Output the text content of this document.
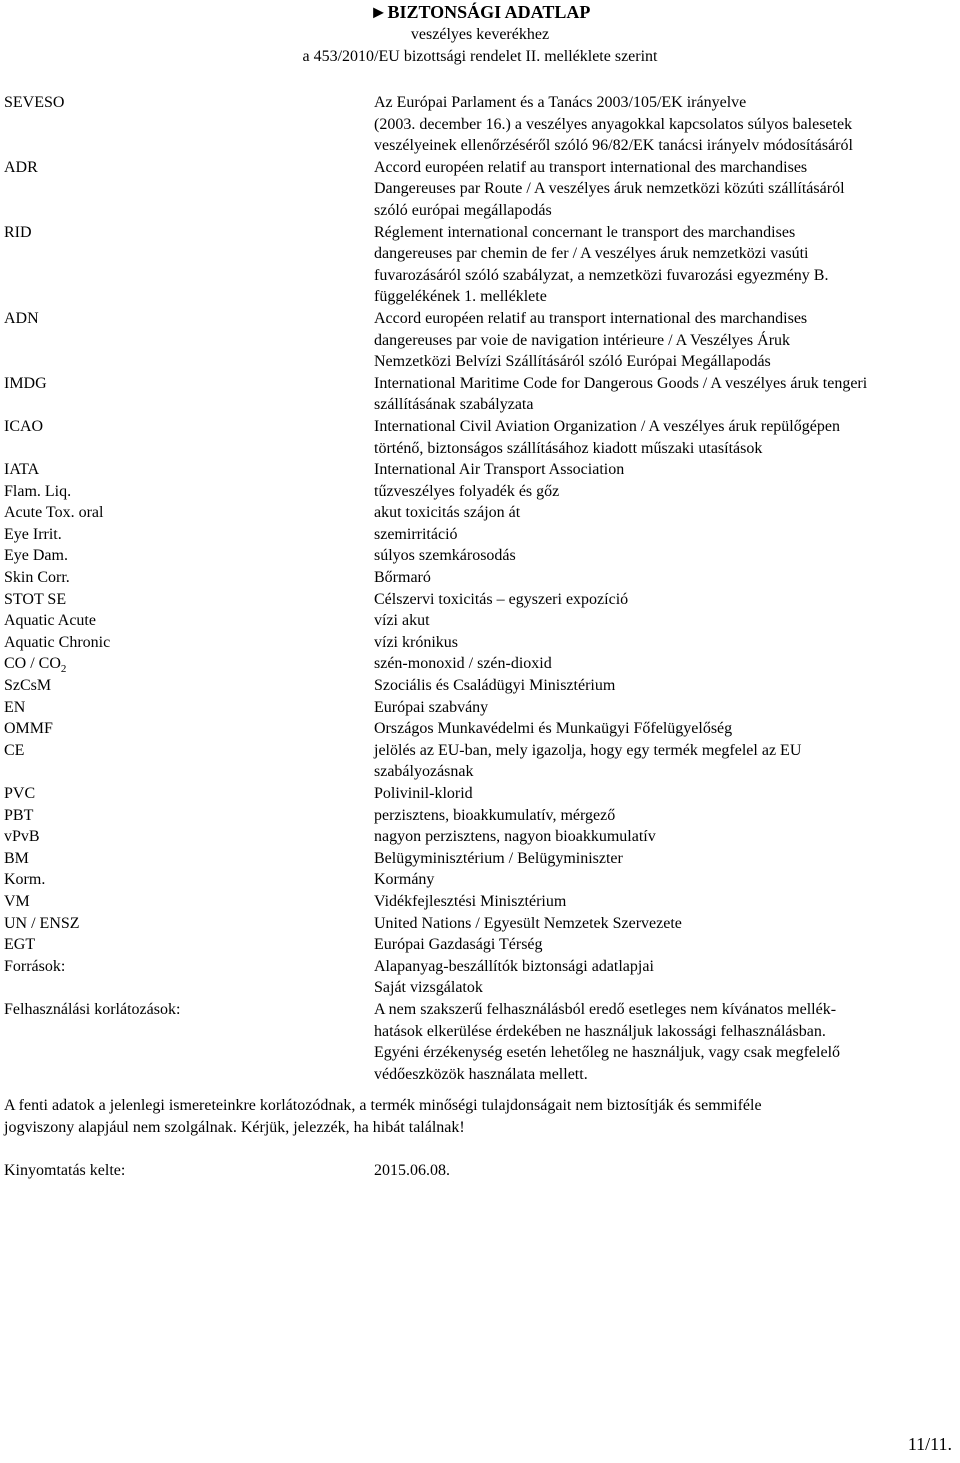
►BIZTONSÁGI ADATLAP
veszélyes keverékhez
a 453/2010/EU bizottsági rendelet II. melléklete szerint
SEVESO	Az Európai Parlament és a Tanács 2003/105/EK irányelve
(2003. december 16.) a veszélyes anyagokkal kapcsolatos súlyos balesetek
veszélyeinek ellenőrzéséről szóló 96/82/EK tanácsi irányelv módosításáról
ADR	Accord européen relatif au transport international des marchandises
Dangereuses par Route / A veszélyes áruk nemzetközi közúti szállításáról
szóló európai megállapodás
RID	Réglement international concernant le transport des marchandises
dangereuses par chemin de fer / A veszélyes áruk nemzetközi vasúti
fuvarozásáról szóló szabályzat, a nemzetközi fuvarozási egyezmény B.
függelékének 1. melléklete
ADN	Accord européen relatif au transport international des marchandises
dangereuses par voie de navigation intérieure / A Veszélyes Áruk
Nemzetközi Belvízi Szállításáról szóló Európai Megállapodás
IMDG	International Maritime Code for Dangerous Goods / A veszélyes áruk tengeri
szállításának szabályzata
ICAO	International Civil Aviation Organization / A veszélyes áruk repülőgépen
történő, biztonságos szállításához kiadott műszaki utasítások
IATA	International Air Transport Association
Flam. Liq.	tűzveszélyes folyadék és gőz
Acute Tox. oral	akut toxicitás szájon át
Eye Irrit.	szemirritáció
Eye Dam.	súlyos szemkárosodás
Skin Corr.	Bőrmaró
STOT SE	Célszervi toxicitás – egyszeri expozíció
Aquatic Acute	vízi akut
Aquatic Chronic	vízi krónikus
CO / $CO_2$	szén-monoxid / szén-dioxid
SzCsM	Szociális és Családügyi Minisztérium
EN	Európai szabvány
OMMF	Országos Munkavédelmi és Munkaügyi Főfelügyelőség
CE	jelölés az EU-ban, mely igazolja, hogy egy termék megfelel az EU
szabályozásnak
PVC	Polivinil-klorid
PBT	perzisztens, bioakkumulatív, mérgező
vPvB	nagyon perzisztens, nagyon bioakkumulatív
BM	Belügyminisztérium / Belügyminiszter
Korm.	Kormány
VM	Vidékfejlesztési Minisztérium
UN / ENSZ	United Nations / Egyesült Nemzetek Szervezete
EGT	Európai Gazdasági Térség
Források:	Alapanyag-beszállítók biztonsági adatlapjai
Saját vizsgálatok
Felhasználási korlátozások:	A nem szakszerű felhasználásból eredő esetleges nem kívánatos mellék-
hatások elkerülése érdekében ne használjuk lakossági felhasználásban.
Egyéni érzékenység esetén lehetőleg ne használjuk, vagy csak megfelelő
védőeszközök használata mellett.
A fenti adatok a jelenlegi ismereteinkre korlátozódnak, a termék minőségi tulajdonságait nem biztosítják és semmiféle
jogviszony alapjául nem szolgálnak. Kérjük, jelezzék, ha hibát találnak!
Kinyomtatás kelte:	2015.06.08.
11/11.
